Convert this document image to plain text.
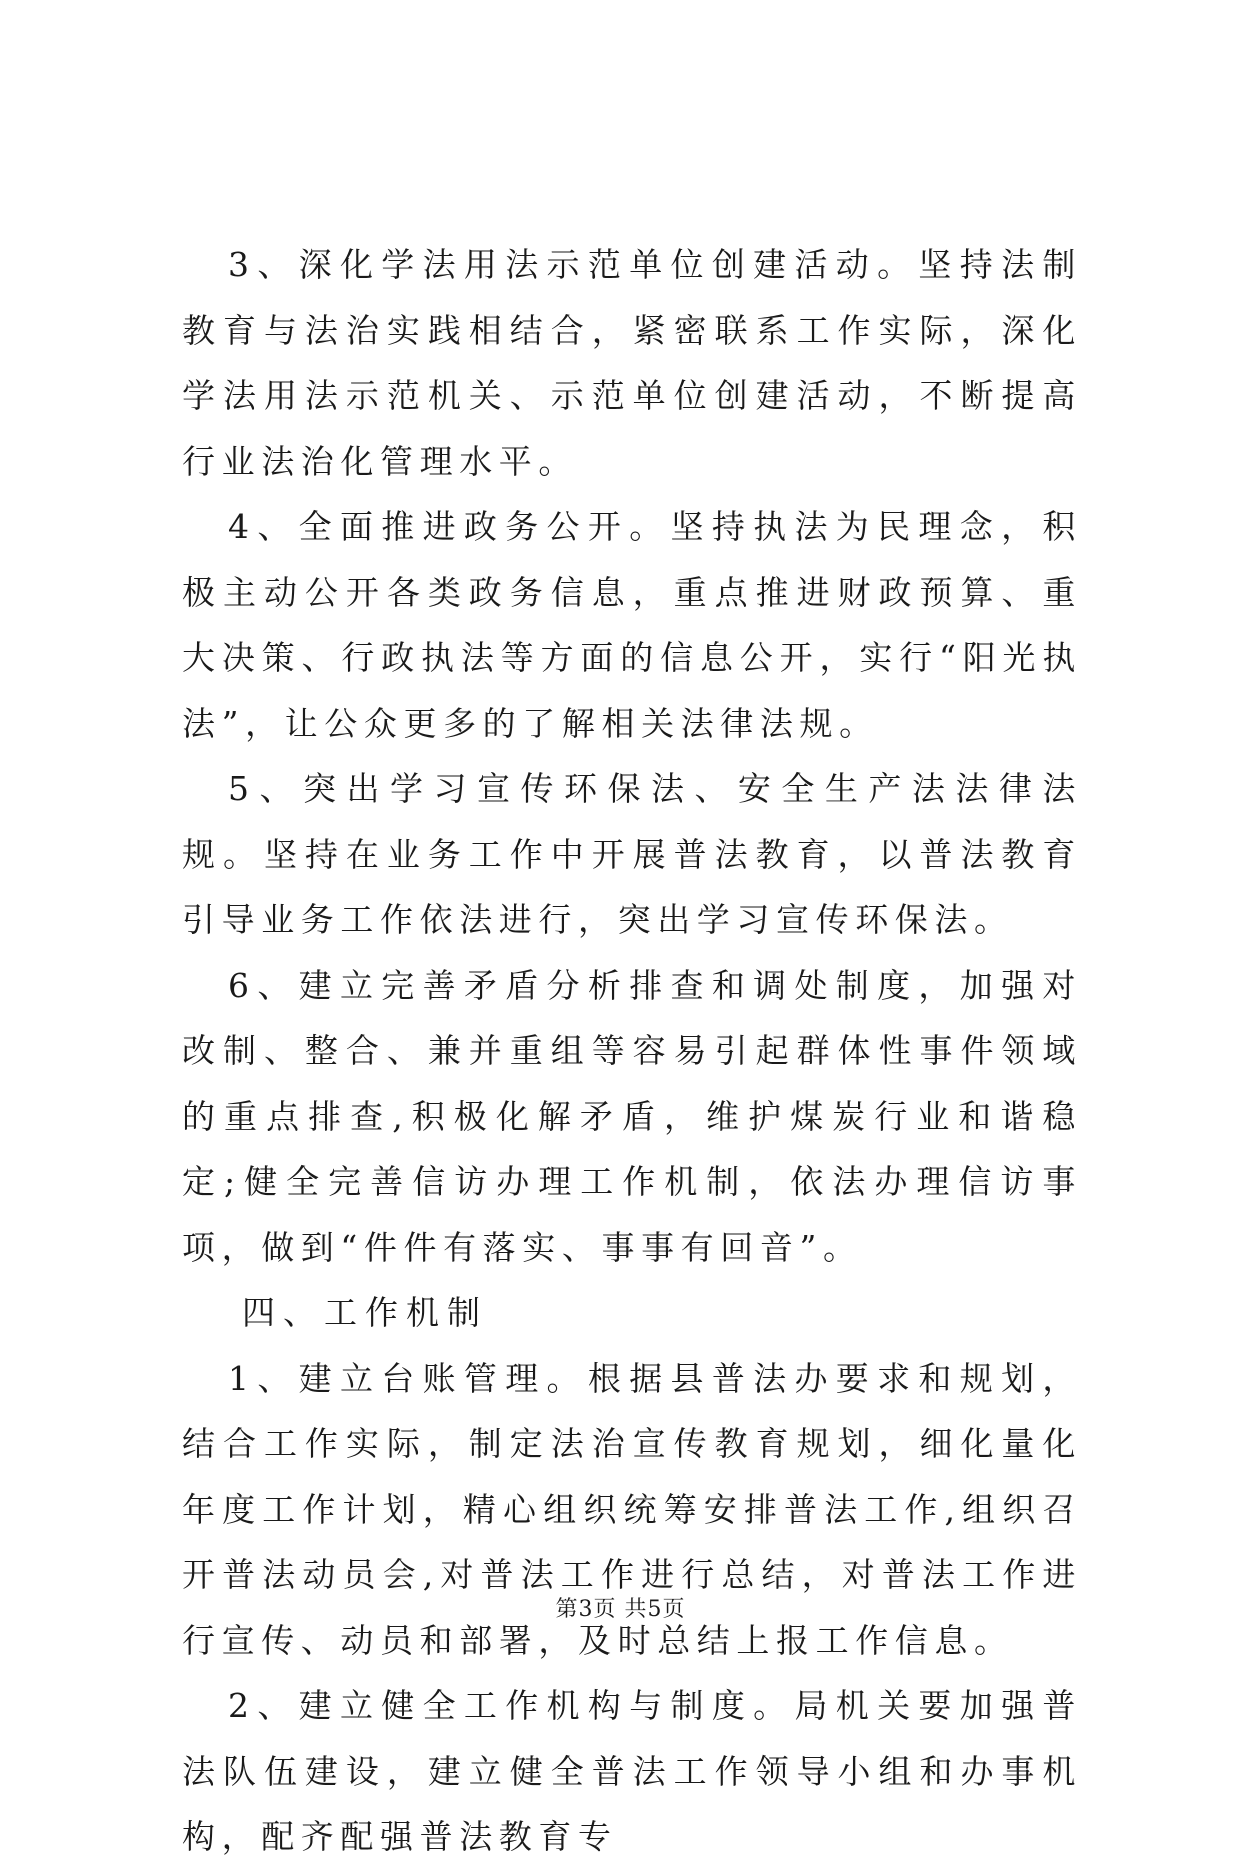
3、深化学法用法示范单位创建活动。坚持法制教育与法治实践相结合，紧密联系工作实际，深化学法用法示范机关、示范单位创建活动，不断提高行业法治化管理水平。

4、全面推进政务公开。坚持执法为民理念，积极主动公开各类政务信息，重点推进财政预算、重大决策、行政执法等方面的信息公开，实行“阳光执法”，让公众更多的了解相关法律法规。

5、突出学习宣传环保法、安全生产法法律法规。坚持在业务工作中开展普法教育，以普法教育引导业务工作依法进行，突出学习宣传环保法。

6、建立完善矛盾分析排查和调处制度，加强对改制、整合、兼并重组等容易引起群体性事件领域的重点排查,积极化解矛盾，维护煤炭行业和谐稳定;健全完善信访办理工作机制，依法办理信访事项，做到“件件有落实、事事有回音”。

四、工作机制

1、建立台账管理。根据县普法办要求和规划，结合工作实际，制定法治宣传教育规划，细化量化年度工作计划，精心组织统筹安排普法工作,组织召开普法动员会,对普法工作进行总结，对普法工作进行宣传、动员和部署，及时总结上报工作信息。

2、建立健全工作机构与制度。局机关要加强普法队伍建设，建立健全普法工作领导小组和办事机构，配齐配强普法教育专

第3页 共5页
